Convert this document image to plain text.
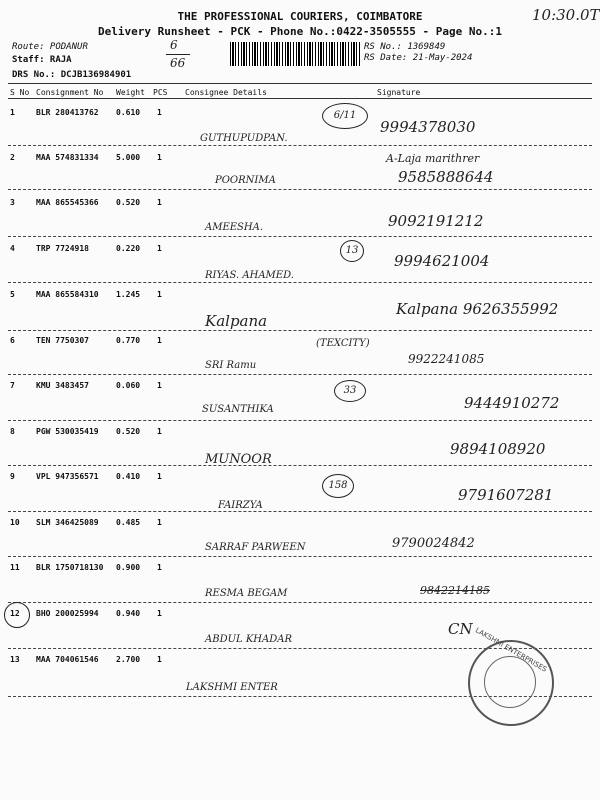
10:30.0T
THE PROFESSIONAL COURIERS, COIMBATORE
Delivery Runsheet - PCK - Phone No.:0422-3505555 - Page No.:1
Route: PODANUR
Staff: RAJA
DRS No.: DCJB136984901
6
66
RS No.: 1369849
RS Date: 21-May-2024
S No Consignment No Weight PCS Consignee Details	Signature
1	BLR 280413762 0.610 1
GUTHUPUDPAN.
6/11
9994378030
2	MAA 574831334 5.000 1
POORNIMA
A-Laja marithrer
9585888644
3	MAA 865545366 0.520 1
AMEESHA.	9092191212
4	TRP 7724918	0.220 1
RIYAS. AHAMED.
13
9994621004
5	MAA 865584310 1.245 1
Kalpana
Kalpana 9626355992
6	TEN 7750307	0.770 1
SRI Ramu
(TEXCITY)
9922241085
7	KMU 3483457	0.060 1
SUSANTHIKA
33
9444910272
8	PGW 530035419 0.520 1
MUNOOR
9894108920
9	VPL 947356571 0.410 1
FAIRZYA
158
9791607281
10 SLM 346425089 0.485 1
SARRAF PARWEEN	9790024842
11 BLR 1750718130 0.900 1
RESMA BEGAM	9842214185
12 BHO 200025994 0.940 1
ABDUL KHADAR
CN
13 MAA 704061546 2.700 1
LAKSHMI ENTER
LAKSHMI ENTERPRISES
